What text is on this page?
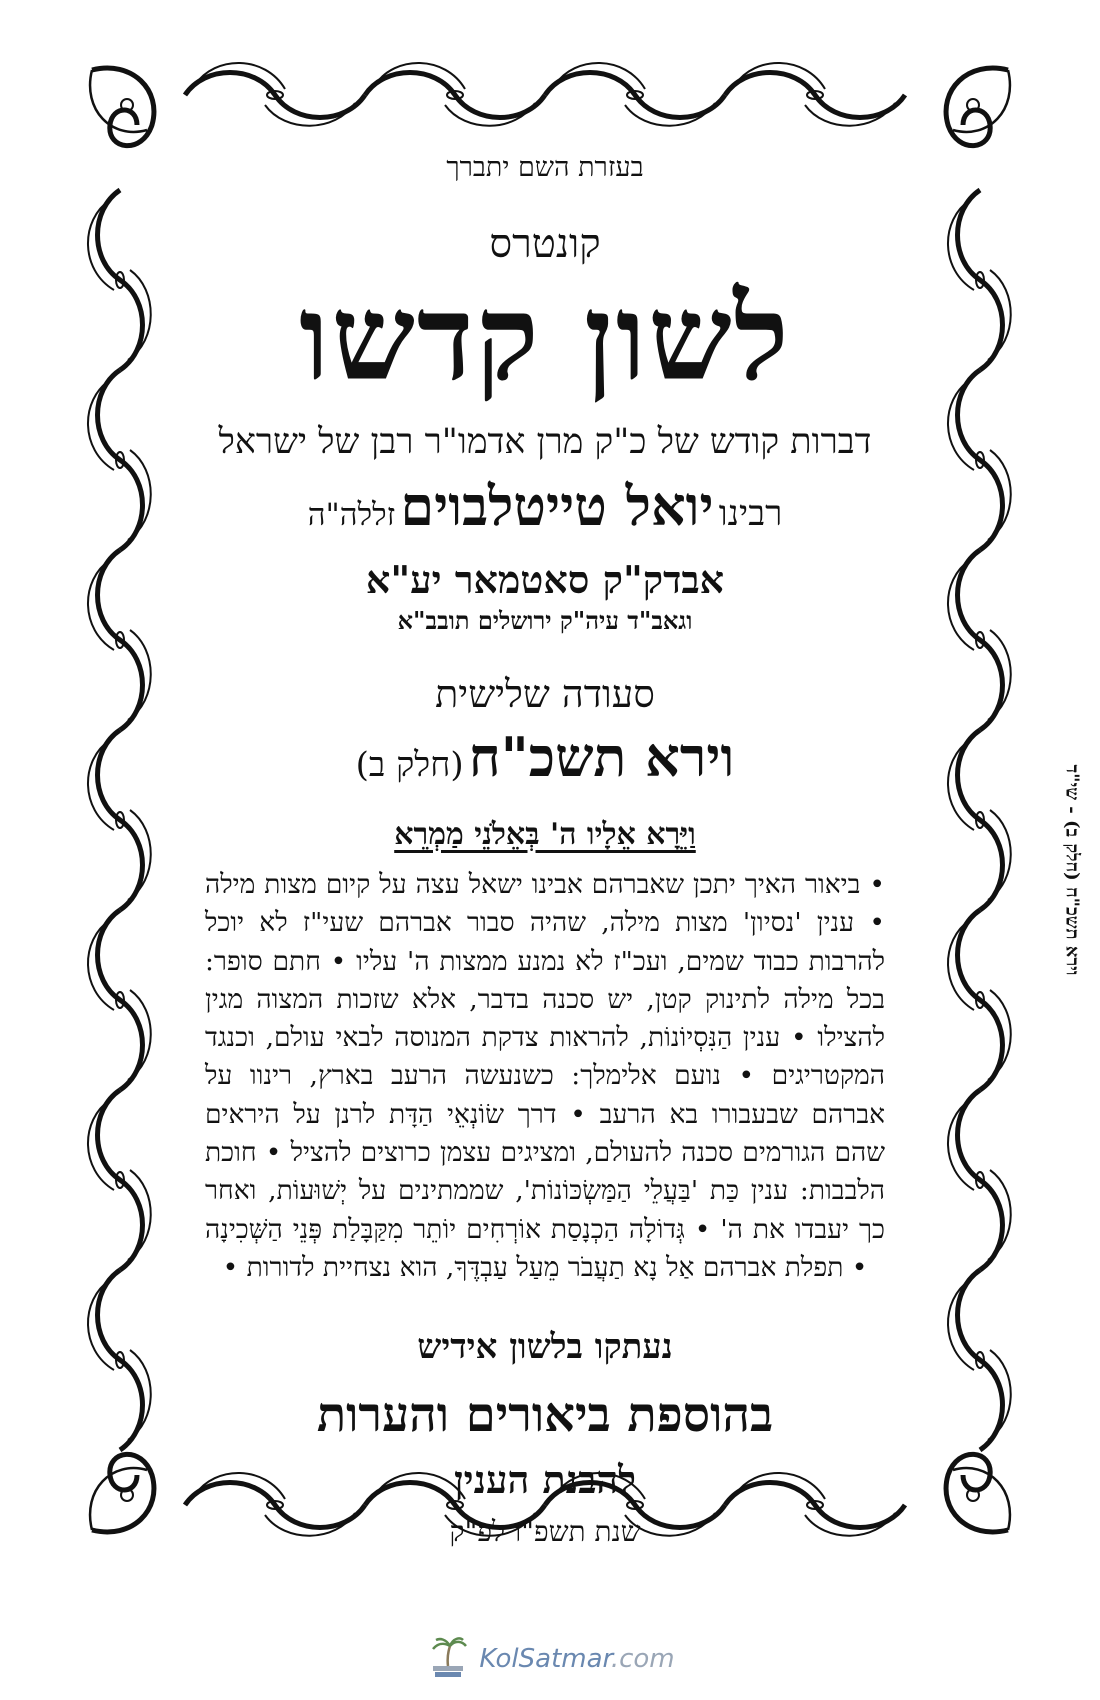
בעזרת השם יתברך
קונטרס
לשון קדשו
דברות קודש של כ"ק מרן אדמו"ר רבן של ישראל
רבינו יואל טייטלבוים זללה"ה
אבדק"ק סאטמאר יע"א
וגאב"ד עיה"ק ירושלים תובב"א
סעודה שלישית
וירא תשכ"ח (חלק ב)
וַיֵּרָא אֵלָיו ה' בְּאֵלֹנֵי מַמְרֵא
• ביאור האיך יתכן שאברהם אבינו ישאל עצה על קיום מצות מילה • ענין 'נסיון' מצות מילה, שהיה סבור אברהם שעי"ז לא יוכל להרבות כבוד שמים, ועכ"ז לא נמנע ממצות ה' עליו • חתם סופר: בכל מילה לתינוק קטן, יש סכנה בדבר, אלא שזכות המצוה מגין להצילו • ענין הַנִּסְיוֹנוֹת, להראות צדקת המנוסה לבאי עולם, וכנגד המקטריגים • נועם אלימלך: כשנעשה הרעב בארץ, רינוו על אברהם שבעבורו בא הרעב • דרך שׂוֹנְאֵי הַדָּת לרנן על היראים שהם הגורמים סכנה להעולם, ומציגים עצמן כרוצים להציל • חוכת הלבבות: ענין כַּת 'בַּעֲלֵי הַמַּשְׂכּוֹנוֹת', שממתינים על יְשׁוּעוֹת, ואחר כך יעבדו את ה' • גְּדוֹלָה הַכְנָסַת אוֹרְחִים יוֹתֵר מִקַּבָּלַת פְּנֵי הַשְּׁכִינָה • תפלת אברהם אַל נָא תַעֲבֹר מֵעַל עַבְדֶּךָ, הוא נצחיית לדורות •
נעתקו בלשון אידיש
בהוספת ביאורים והערות
להבנת הענין
שנת תשפ"ו לפ"ק
וירא תשכ"ח (חלק ב) - שי"ד
KolSatmar.com
